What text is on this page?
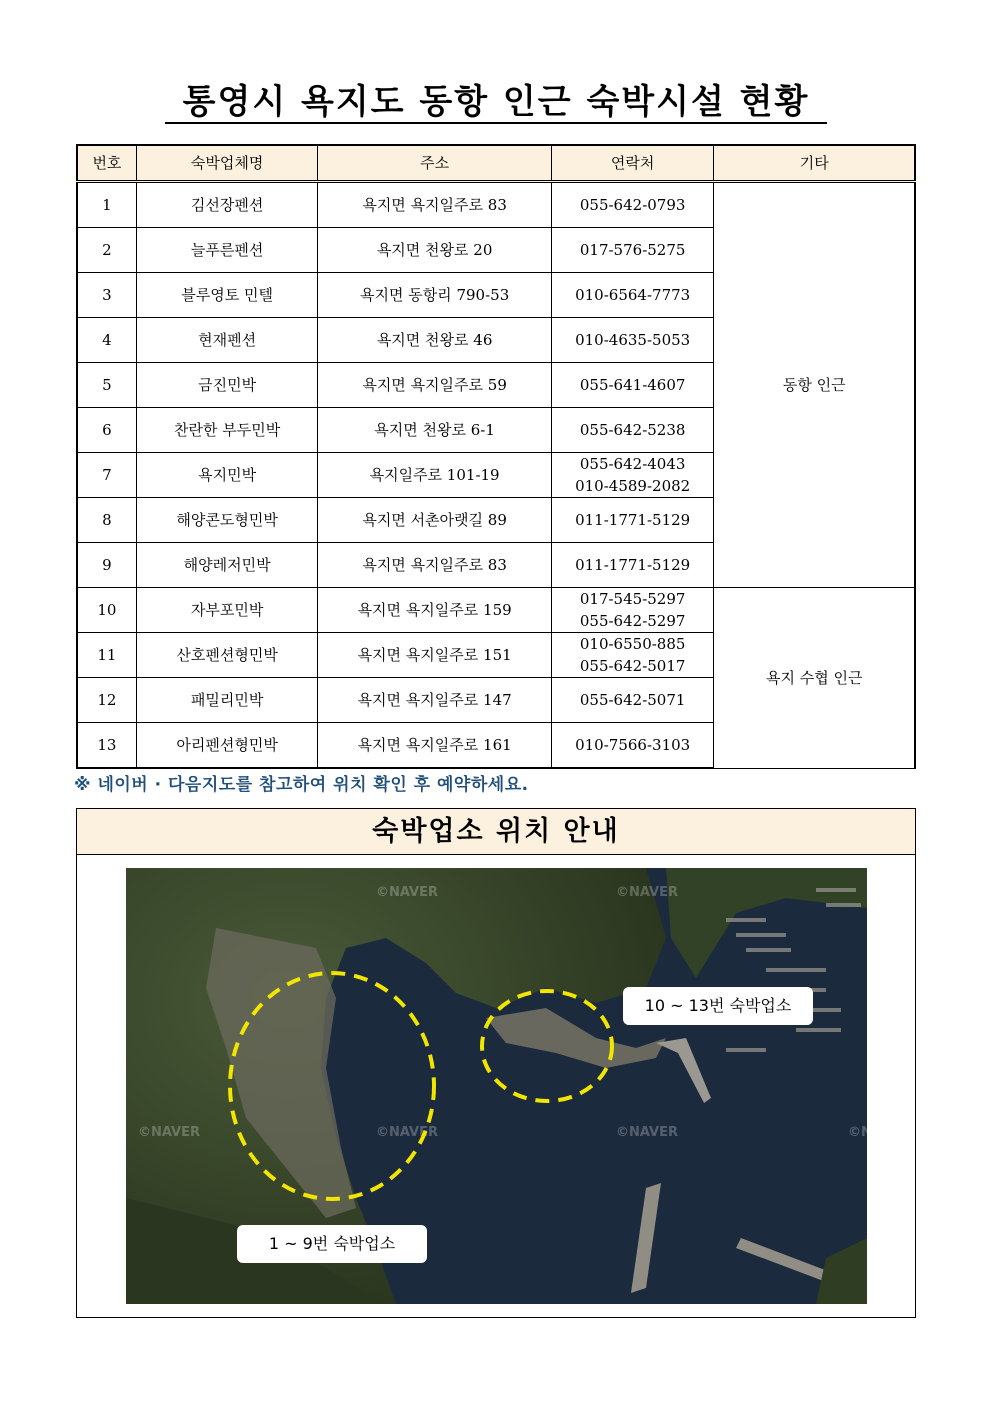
통영시 욕지도 동항 인근 숙박시설 현황
번호	숙박업체명	주소	연락처	기타
1	김선장펜션	욕지면 욕지일주로 83	055-642-0793	동항 인근
2	늘푸른펜션	욕지면 천왕로 20	017-576-5275	

3	블루영토 민텔	욕지면 동항리 790-53	010-6564-7773	

4	현재펜션	욕지면 천왕로 46	010-4635-5053	

5	금진민박	욕지면 욕지일주로 59	055-641-4607	

6	찬란한 부두민박	욕지면 천왕로 6-1	055-642-5238	

7	욕지민박	욕지일주로 101-19	055-642-4043
010-4589-2082	

8	해양콘도형민박	욕지면 서촌아랫길 89	011-1771-5129	

9	해양레저민박	욕지면 욕지일주로 83	011-1771-5129	

10	자부포민박	욕지면 욕지일주로 159	017-545-5297
055-642-5297	욕지 수협 인근
11	산호펜션형민박	욕지면 욕지일주로 151	010-6550-885
055-642-5017	

12	패밀리민박	욕지면 욕지일주로 147	055-642-5071	

13	아리펜션형민박	욕지면 욕지일주로 161	010-7566-3103	
※ 네이버 · 다음지도를 참고하여 위치 확인 후 예약하세요.
숙박업소 위치 안내
©NAVER	©NAVER
©NAVER	©NAVER	©NAVER	©NAVER
10 ~ 13번 숙박업소
1 ~ 9번 숙박업소
